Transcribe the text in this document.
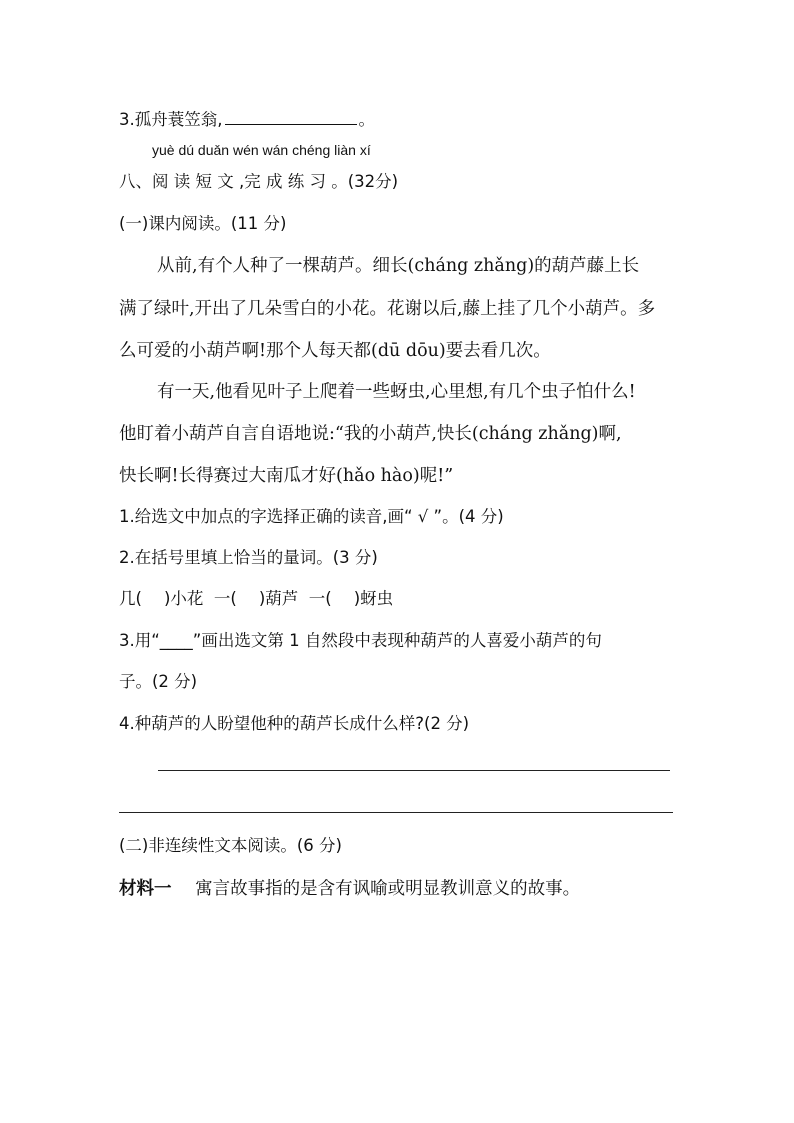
3.孤舟蓑笠翁,	。
yuè dú duǎn wén wán chéng liàn xí
八、阅 读 短 文 ,完 成 练 习 。(32分)
(一)课内阅读。(11 分)
从前,有个人种了一棵葫芦。细长(cháng zhǎng)的葫芦藤上长
满了绿叶,开出了几朵雪白的小花。花谢以后,藤上挂了几个小葫芦。多
么可爱的小葫芦啊!那个人每天都(dū dōu)要去看几次。
有一天,他看见叶子上爬着一些蚜虫,心里想,有几个虫子怕什么!
他盯着小葫芦自言自语地说:“我的小葫芦,快长(cháng zhǎng)啊,
快长啊!长得赛过大南瓜才好(hǎo hào)呢!”
1.给选文中加点的字选择正确的读音,画“ √ ”。(4 分)
2.在括号里填上恰当的量词。(3 分)
几( )小花 一( )葫芦 一( )蚜虫
3.用“____”画出选文第 1 自然段中表现种葫芦的人喜爱小葫芦的句
子。(2 分)
4.种葫芦的人盼望他种的葫芦长成什么样?(2 分)
(二)非连续性文本阅读。(6 分)
材料一 寓言故事指的是含有讽喻或明显教训意义的故事。
